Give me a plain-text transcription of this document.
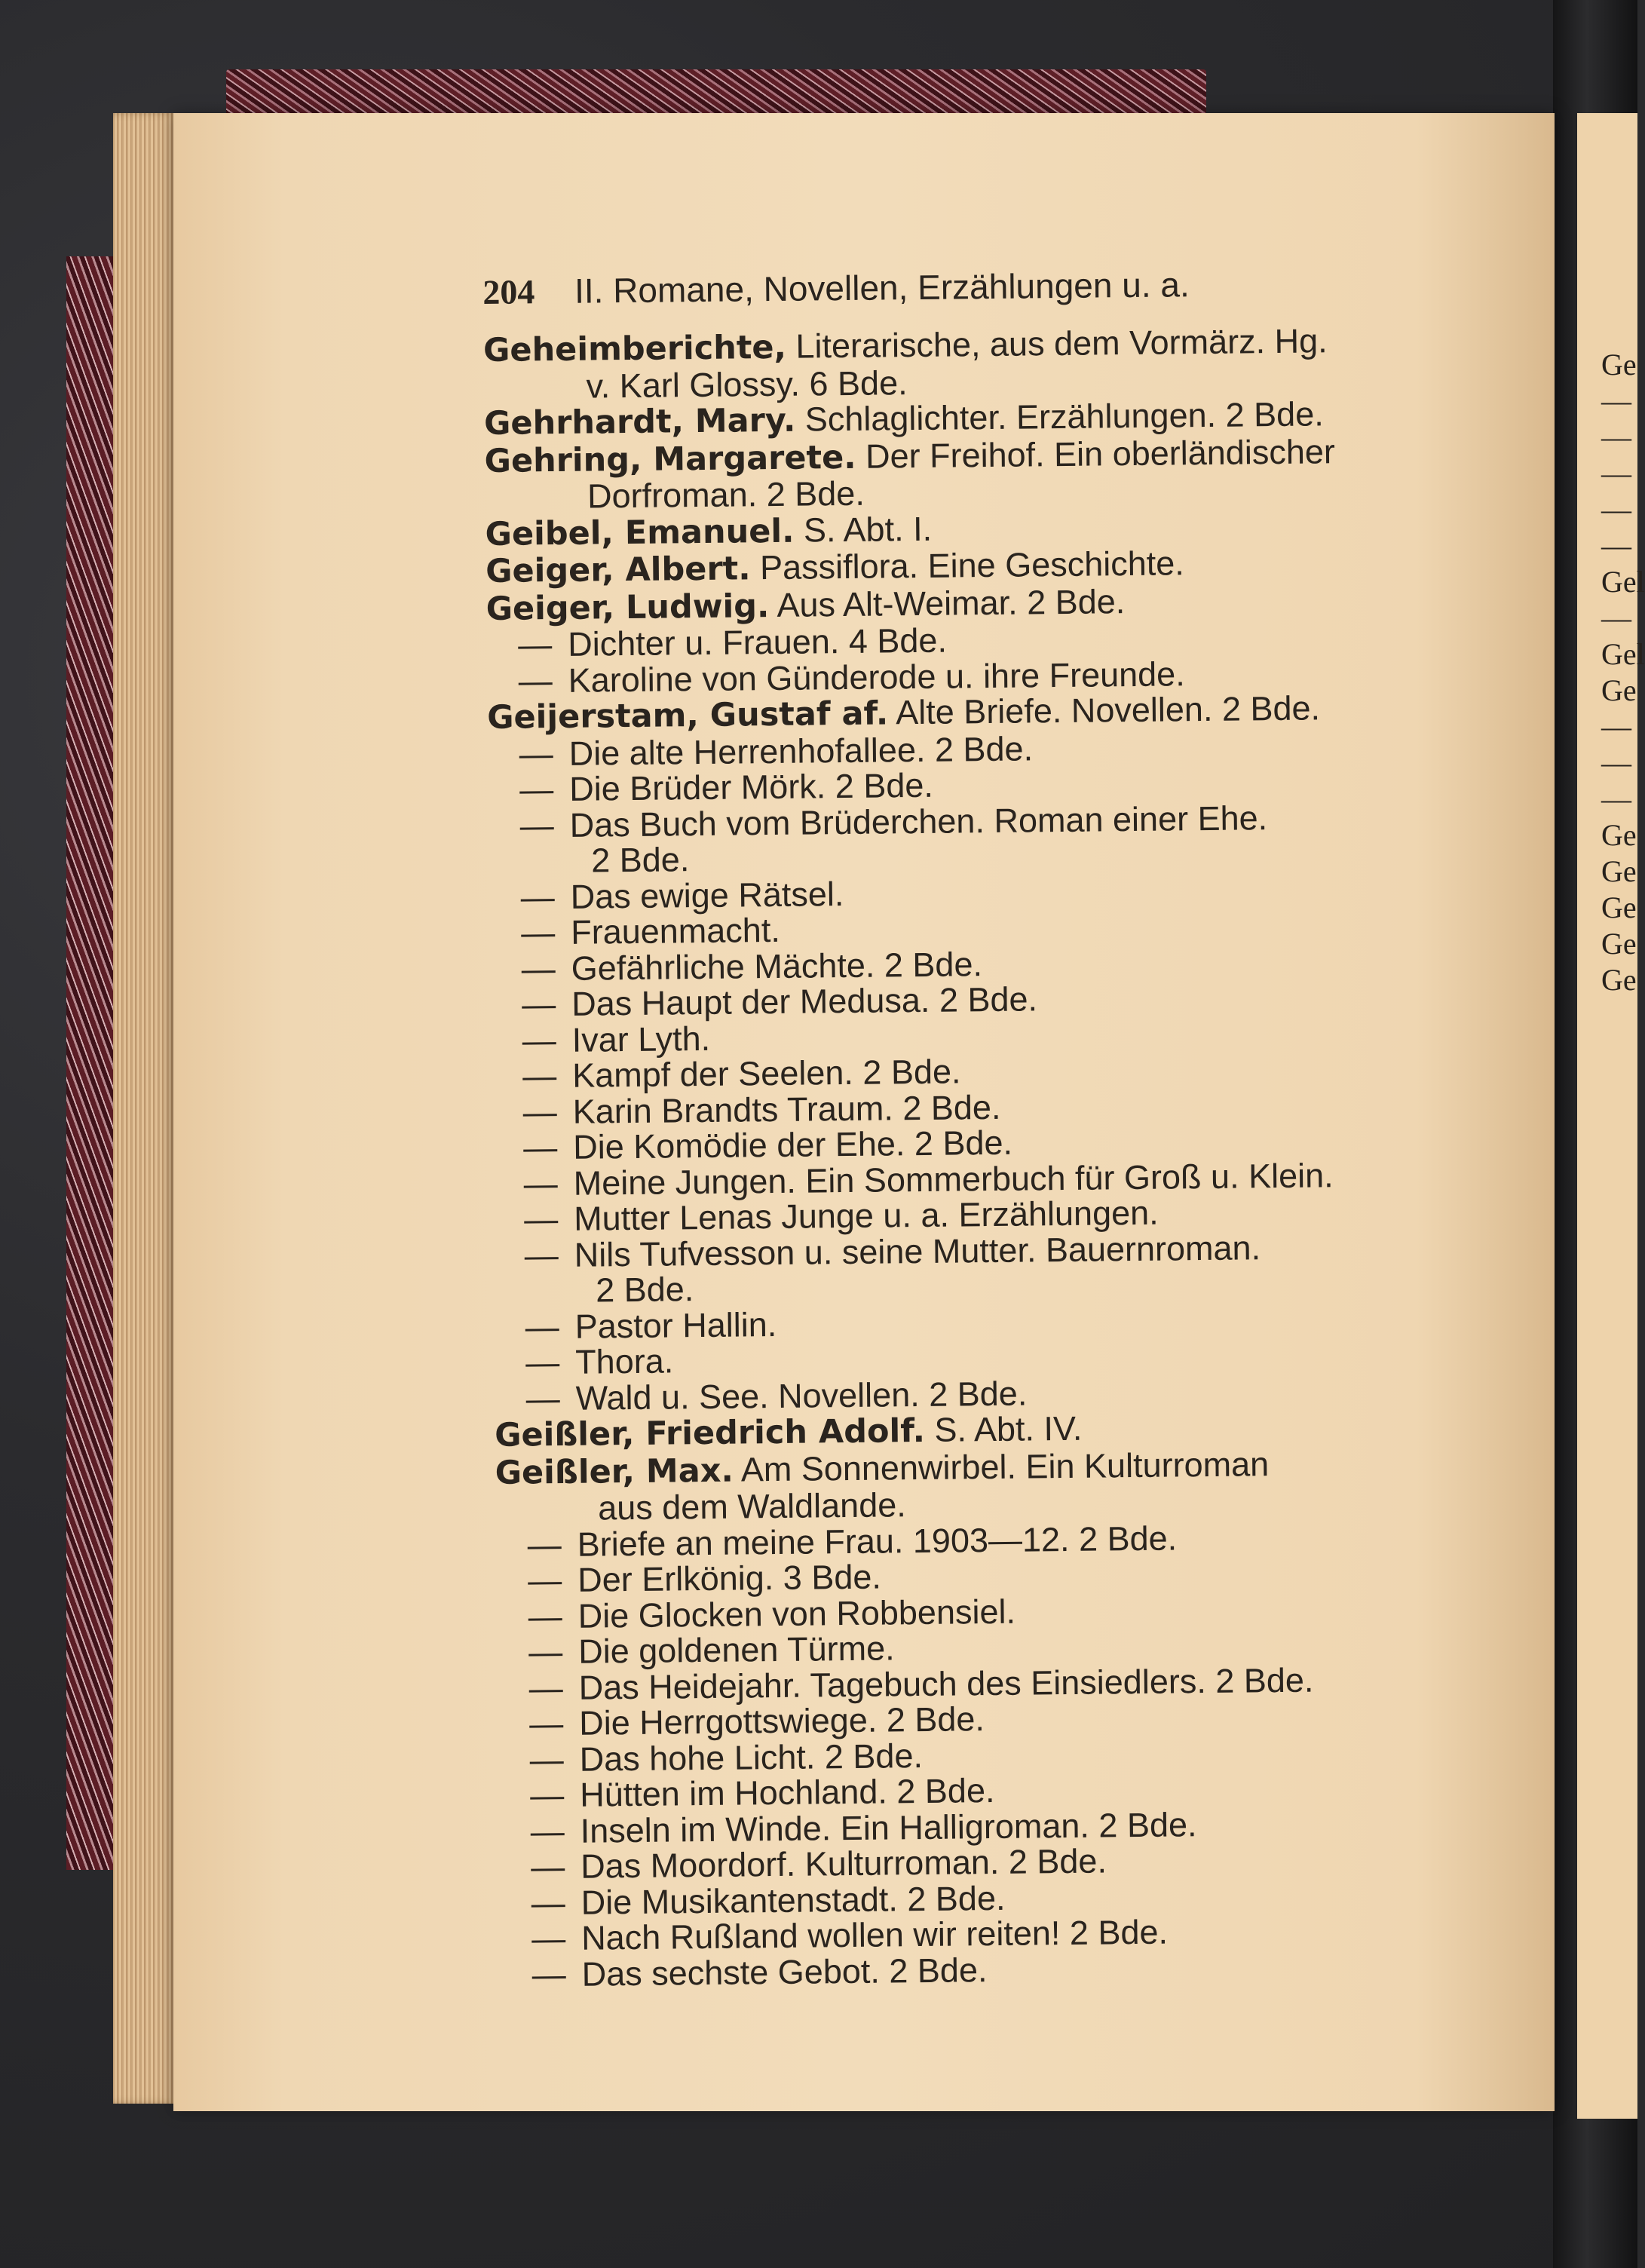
Ge
—
—
—
—
—
Gel
—
Gel
Ge
—
—
—
Ge
Ge
Ge
Ge
Ge
204 II. Romane, Novellen, Erzählungen u. a.
Geheimberichte, Literarische, aus dem Vormärz. Hg.
v. Karl Glossy. 6 Bde.
Gehrhardt, Mary. Schlaglichter. Erzählungen. 2 Bde.
Gehring, Margarete. Der Freihof. Ein oberländischer
Dorfroman. 2 Bde.
Geibel, Emanuel. S. Abt. I.
Geiger, Albert. Passiflora. Eine Geschichte.
Geiger, Ludwig. Aus Alt-Weimar. 2 Bde.
— Dichter u. Frauen. 4 Bde.
— Karoline von Günderode u. ihre Freunde.
Geijerstam, Gustaf af. Alte Briefe. Novellen. 2 Bde.
— Die alte Herrenhofallee. 2 Bde.
— Die Brüder Mörk. 2 Bde.
— Das Buch vom Brüderchen. Roman einer Ehe.
2 Bde.
— Das ewige Rätsel.
— Frauenmacht.
— Gefährliche Mächte. 2 Bde.
— Das Haupt der Medusa. 2 Bde.
— Ivar Lyth.
— Kampf der Seelen. 2 Bde.
— Karin Brandts Traum. 2 Bde.
— Die Komödie der Ehe. 2 Bde.
— Meine Jungen. Ein Sommerbuch für Groß u. Klein.
— Mutter Lenas Junge u. a. Erzählungen.
— Nils Tufvesson u. seine Mutter. Bauernroman.
2 Bde.
— Pastor Hallin.
— Thora.
— Wald u. See. Novellen. 2 Bde.
Geißler, Friedrich Adolf. S. Abt. IV.
Geißler, Max. Am Sonnenwirbel. Ein Kulturroman
aus dem Waldlande.
— Briefe an meine Frau. 1903—12. 2 Bde.
— Der Erlkönig. 3 Bde.
— Die Glocken von Robbensiel.
— Die goldenen Türme.
— Das Heidejahr. Tagebuch des Einsiedlers. 2 Bde.
— Die Herrgottswiege. 2 Bde.
— Das hohe Licht. 2 Bde.
— Hütten im Hochland. 2 Bde.
— Inseln im Winde. Ein Halligroman. 2 Bde.
— Das Moordorf. Kulturroman. 2 Bde.
— Die Musikantenstadt. 2 Bde.
— Nach Rußland wollen wir reiten! 2 Bde.
— Das sechste Gebot. 2 Bde.
